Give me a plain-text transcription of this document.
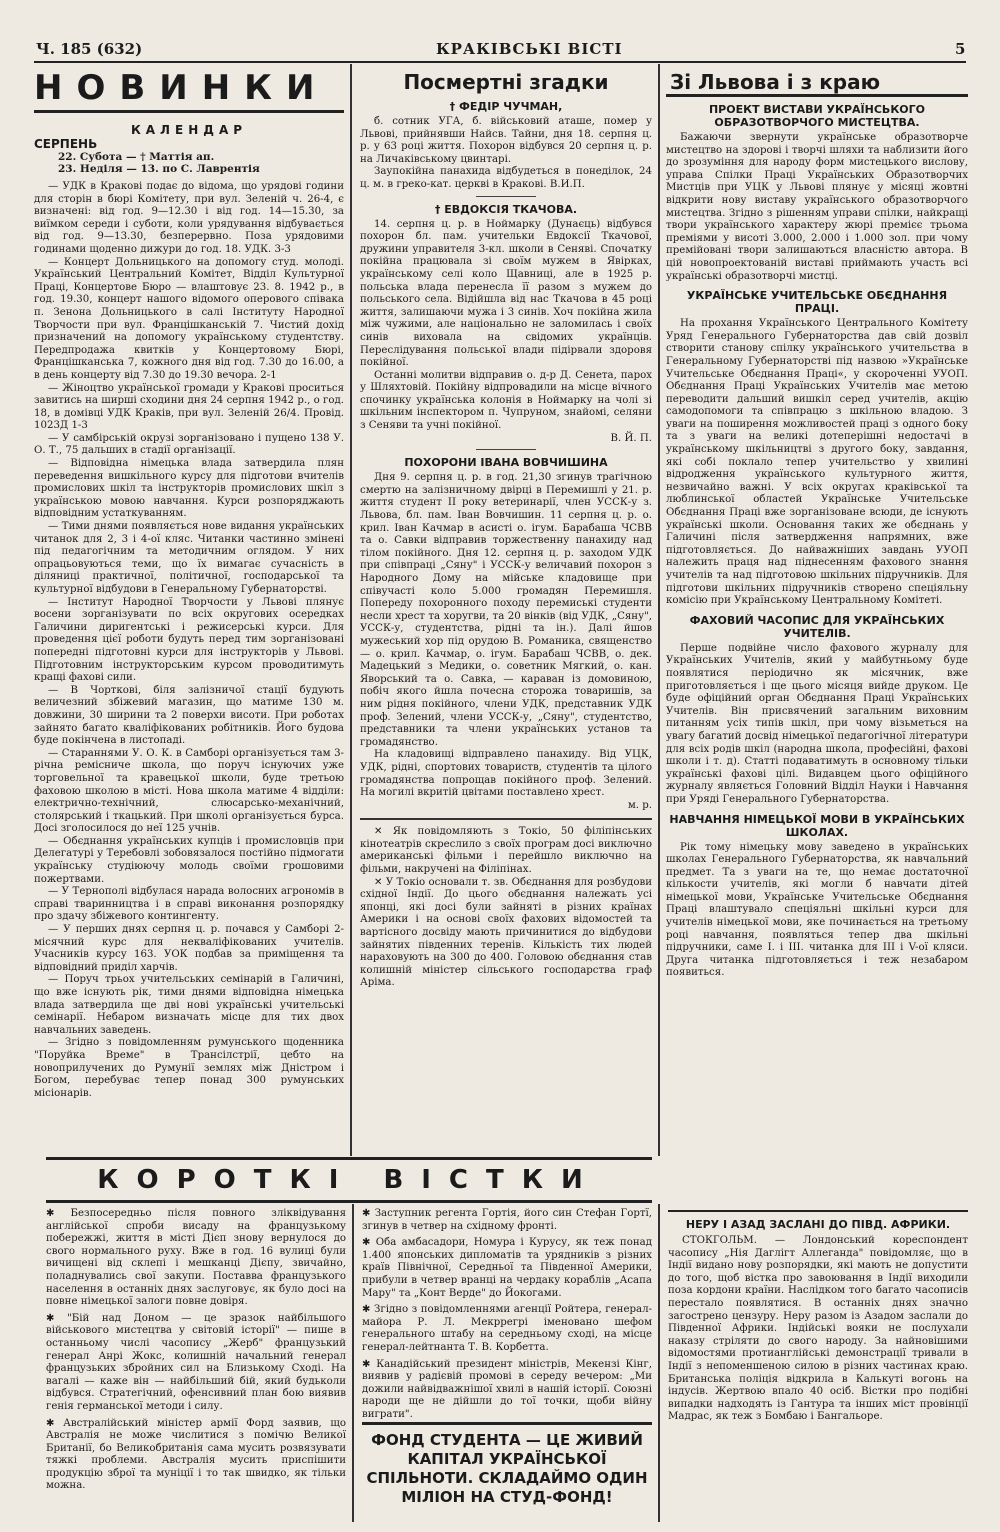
Ч. 185 (632)	КРАКІВСЬКІ ВІСТІ	5
НОВИНКИ
КАЛЕНДАР
СЕРПЕНЬ
22. Субота — † Маттія ап.
23. Неділя — 13. по С. Лаврентія

— УДК в Кракові подає до відома, що урядові години для сторін в бюрі Комітету, при вул. Зеленій ч. 26-4, є визначені: від год. 9—12.30 і від год. 14—15.30, за виїмком середи і суботи, коли урядування відбувається від год. 9—13.30, безперервно. Поза урядовими годинами щоденно дижури до год. 18. УДК. 3-3

— Концерт Дольницького на допомогу студ. молоді. Український Центральний Комітет, Відділ Культурної Праці, Концертове Бюро — влаштовує 23. 8. 1942 р., в год. 19.30, концерт нашого відомого оперового співака п. Зенона Дольницького в салі Інституту Народної Творчости при вул. Францішканській 7. Чистий дохід призначений на допомогу українському студентству. Передпродажа квитків у Концертовому Бюрі, Францішканська 7, кожного дня від год. 7.30 до 16.00, а в день концерту від 7.30 до 19.30 вечора. 2-1

— Жіноцтво української громади у Кракові проситься завитись на ширші сходини дня 24 серпня 1942 р., о год. 18, в домівці УДК Краків, при вул. Зеленій 26/4. Провід. 1023Д 1-3

— У самбірській окрузі зорганізовано і пущено 138 У. О. Т., 75 дальших в стадії організації.

— Відповідна німецька влада затвердила плян переведення вишкільного курсу для підготови вчителів промислових шкіл та інструкторів промислових шкіл з українською мовою навчання. Курси розпоряджають відповідним устаткуванням.

— Тими днями появляється нове видання українських читанок для 2, 3 і 4-ої кляс. Читанки частинно змінені під педагогічним та методичним оглядом. У них опрацьовуються теми, що їх вимагає сучасність в діляниці практичної, політичної, господарської та культурної відбудови в Генеральному Губернаторстві.

— Інститут Народної Творчости у Львові плянує восени зорганізувати по всіх округових осередках Галичини диригентські і режисерські курси. Для проведення цієї роботи будуть перед тим зорганізовані попередні підготовні курси для інструкторів у Львові. Підготовним інструкторським курсом проводитимуть кращі фахові сили.

— В Чорткові, біля залізничої стації будують величезний збіжевий магазин, що матиме 130 м. довжини, 30 ширини та 2 поверхи висоти. При роботах зайнято багато кваліфікованих робітників. Його будова буде покінчена в листопаді.

— Стараннями У. О. К. в Самборі організується там 3-річна ремісниче школа, що поруч існуючих уже торговельної та кравецької школи, буде третьою фаховою школою в місті. Нова школа матиме 4 відділи: електрично-технічний, слюсарсько-механічний, столярський і ткацький. При школі організується бурса. Досі зголосилося до неї 125 учнів.

— Обєднання українських купців і промисловців при Делегатурі у Теребовлі зобовязалося постійно підмогати українську студіюючу молодь своїми грошовими пожертвами.

— У Тернополі відбулася нарада волосних агрономів в справі тваринництва і в справі виконання розпорядку про здачу збіжевого контингенту.

— У перших днях серпня ц. р. почався у Самборі 2-місячний курс для некваліфікованих учителів. Учасників курсу 163. УОК подбав за приміщення та відповідний приділ харчів.

— Поруч трьох учительських семінарій в Галичині, що вже існують рік, тими днями відповідна німецька влада затвердила ще дві нові українські учительські семінарії. Небаром визначать місце для тих двох навчальних заведень.

— Згідно з повідомленням румунського щоденника "Поруйка Време" в Трансілстрії, цебто на новоприлучених до Румунії землях між Дністром і Богом, перебуває тепер понад 300 румунських місіонарів.

Посмертні згадки
† ФЕДІР ЧУЧМАН,

б. сотник УГА, б. військовий аташе, помер у Львові, прийнявши Найсв. Тайни, дня 18. серпня ц. р. у 63 році життя. Похорон відбувся 20 серпня ц. р. на Личаківському цвинтарі.

Заупокійна панахида відбудеться в понеділок, 24 ц. м. в греко-кат. церкві в Кракові. В.И.П.

† ЕВДОКСІЯ ТКАЧОВА.

14. серпня ц. р. в Ноймарку (Дунаєць) відбувся похорон бл. пам. учительки Евдоксії Ткачової, дружини управителя 3-кл. школи в Сеняві. Спочатку покійна працювала зі своїм мужем в Явірках, українському селі коло Щавниці, але в 1925 р. польська влада перенесла її разом з мужем до польського села. Відійшла від нас Ткачова в 45 році життя, залишаючи мужа і 3 синів. Хоч покійна жила між чужими, але національно не заломилась і своїх синів виховала на свідомих українців. Переслідування польської влади підірвали здоровя покійної.

Останні молитви відправив о. д-р Д. Сенета, парох у Шляхтовій. Покійну відпровадили на місце вічного спочинку українська колонія в Ноймарку на чолі зі шкільним інспектором п. Чупруном, знайомі, селяни з Сеняви та учні покійної.

В. Й. П.

ПОХОРОНИ ІВАНА ВОВЧИШИНА

Дня 9. серпня ц. р. в год. 21,30 згинув трагічною смертю на залізничному двірці в Перемишлі у 21. р. життя студент II року ветеринарії, член УССК-у з. Львова, бл. пам. Іван Вовчишин. 11 серпня ц. р. о. крил. Іван Качмар в асисті о. ігум. Барабаша ЧСВВ та о. Савки відправив торжественну панахиду над тілом покійного. Дня 12. серпня ц. р. заходом УДК при співпраці „Сяну" і УССК-у величавий похорон з Народного Дому на мійське кладовище при співучасті коло 5.000 громадян Перемишля. Попереду похоронного походу перемиські студенти несли хрест та хоругви, та 20 вінків (від УДК, „Сяну", УССК-у, студентства, рідні та ін.). Далі йшов мужеський хор під орудою В. Романика, священство — о. крил. Качмар, о. ігум. Барабаш ЧСВВ, о. дек. Мадецький з Медики, о. советник Мягкий, о. кан. Яворський та о. Савка, — караван із домовиною, побіч якого йшла почесна сторожа товаришів, за ним рідня покійного, члени УДК, представник УДК проф. Зелений, члени УССК-у, „Сяну", студентство, представники та члени українських установ та громадянство.

На кладовищі відправлено панахиду. Від УЦК, УДК, рідні, спортових товариств, студентів та цілого громадянства попрощав покійного проф. Зелений. На могилі вкритій цвітами поставлено хрест.

м. р.

✕ Як повідомляють з Токіо, 50 філіпінських кінотеатрів скреслило з своїх програм досі виключно американські фільми і перейшло виключно на фільми, накручені на Філіпінах.

✕ У Токіо основали т. зв. Обєднання для розбудови східної Індії. До цього обєднання належать усі японці, які досі були зайняті в різних країнах Америки і на основі своїх фахових відомостей та вартісного досвіду мають причинитися до відбудови зайнятих південних терeнів. Кількість тих людей нараховують на 300 до 400. Головою обєднання став колишній міністер сільського господарства граф Аріма.

Зі Львова і з краю
ПРОЕКТ ВИСТАВИ УКРАЇНСЬКОГО ОБРАЗОТВОРЧОГО МИСТЕЦТВА.

Бажаючи звернути українське образотворче мистецтво на здорові і творчі шляхи та наблизити його до зрозуміння для народу форм мистецького вислову, управа Спілки Праці Українських Образотворчих Мистців при УЦК у Львові плянує у місяці жовтні відкрити нову виставу українського образотворчого мистецтва. Згідно з рішенням управи спілки, найкращі твори українського характеру жюрі премієє трьома преміями у висоті 3.000, 2.000 і 1.000 зол. при чому премійовані твори залишаються власністю автора. В цій новопроектованій виставі приймають участь всі українські образотворчі мистці.

УКРАЇНСЬКЕ УЧИТЕЛЬСЬКЕ ОБЄДНАННЯ ПРАЦІ.

На прохання Українського Центрального Комітету Уряд Генерального Губернаторства дав свій дозвіл створити становy спілку українського учительства в Генеральному Губернаторстві під назвою »Українське Учительське Обєднання Праці«, у скороченні УУОП. Обєднання Праці Українських Учителів має метою переводити дальший вишкіл серед учителів, акцію самодопомоги та співпрацю з шкільною владою. З уваги на поширення можливостей праці з одного боку та з уваги на великі дотеперішні недостачі в українському шкільництві з другого боку, завдання, які собі поклало тепер учительство у хвилині відродження українського культурного життя, незвичайно важні. У всіх округах краківської та люблинської областей Українське Учительське Обєднання Праці вже зорганізоване всюди, де існують українські школи. Основання таких же обєднань у Галичині після затвердження нaпрямних, вже підготовляється. До найважніших завдань УУОП належить праця над піднесенням фахового знання учителів та над підготовою шкільних підручників. Для підготови шкільних підручників створено спеціяльну комісію при Українському Центральному Комітеті.

ФАХОВИЙ ЧАСОПИС ДЛЯ УКРАЇНСЬКИХ УЧИТЕЛІВ.

Перше подвійне число фахового журналу для Українських Учителів, який у майбутньому буде появлятися періодично як місячник, вже приготовляється і ще цього місяця вийде друком. Це буде офіційний орган Обєднання Праці Українських Учителів. Він присвячений загальним виховним питанням усіх типів шкіл, при чому візьметься на увагу багатий досвід німецької педагогічної літератури для всіх родів шкіл (народна школа, професійні, фахові школи і т. д). Статті подаватимуть в основному тільки українські фахові цілі. Видавцем цього офіційного журналу являється Головний Відділ Науки і Навчання при Уряді Генерального Губернаторства.

НАВЧАННЯ НІМЕЦЬКОЇ МОВИ В УКРАЇНСЬКИХ ШКОЛАХ.

Рік тому німецьку мову заведено в українських школах Генерального Губернаторства, як навчальний предмет. Та з уваги на те, що немає достаточної кількости учителів, які могли б навчати дітей німецької мови, Українське Учительське Обєднання Праці влаштувало спеціяльні шкільні курси для учителів німецької мови, яке починається на третьому році навчання, появляться тепер два шкільні підручники, саме I. і III. читанка для III і V-ої кляси. Друга читанка підготовляється і теж незабаром появиться.

КОРОТКІ ВІСТКИ
✱ Безпосередньо після повного зліквідування англійської спроби висаду на французькому побережжі, життя в місті Дієп знову вернулося до свого нормального руху. Вже в год. 16 вулиці були вичищені від склепі і мешканці Дієпу, звичайно, поладнувались свої закупи. Поставва французького населення в останніх днях заслуговує, як було досі на повне німецької залоги повне довіря.
✱ "Бій над Доном — це зразок найбільшого військового мистецтва у світовій історії" — пише в останньому числі часопису „Жерб" французький генерал Анрі Жокс, колишній начальний генерал французьких збройних сил на Близькому Сході. На вагалі — каже він — найбільший бій, який будьколи відбувся. Стратегічний, офенсивний план бою виявив генія германської методи і силу.
✱ Австралійський міністер армії Форд заявив, що Австралія не може числитися з помічю Великої Британії, бо Великобританія сама мусить розвязувати тяжкі проблеми. Австралія мусить приспішити продукцію зброї та муніції і то так швидко, як тільки можна.
✱ Заступник регента Гортія, його син Стефан Гортї, згинув в четвер на східному фронті.
✱ Оба амбасадори, Номура і Курусу, як теж понад 1.400 японських дипломатів та урядників з різних країв Північної, Середньої та Південної Америки, прибули в четвер вранці на чердаку кораблів „Асапа Мару" та „Конт Верде" до Йокогами.
✱ Згідно з повідомленнями агенції Ройтера, генерал-майора Р. Л. Мекррегрі іменовано шефом генерального штабу на середньому сході, на місце генерал-лейтнанта Т. В. Корбетта.
✱ Канадійський президент міністрів, Мекензі Кінг, виявив у радієвій промові в середу вечером: „Ми дожили найвідважнішої хвилі в нашій історії. Союзні народи ще не дійшли до тої точки, щоби війну виграти".
ФОНД СТУДЕНТА — ЦЕ ЖИВИЙ КАПІТАЛ УКРАЇНСЬКОЇ СПІЛЬНОТИ. СКЛАДАЙМО ОДИН МІЛІОН НА СТУД-ФОНД!
НЕРУ І АЗАД ЗАСЛАНІ ДО ПІВД. АФРИКИ.

СТОКГОЛЬМ. — Лондонський кореспондент часопису „Нія Даглігт Аллеганда" повідомляє, що в Індії видано нову розпорядки, які мають не допустити до того, щоб вістка про завоювання в Індії виходили поза кордони країни. Наслідком того багато часописів перестало появлятися. В останніх днях значно загострено цензуру. Неру разом із Азадом заслали до Південної Африки. Індійські вояки не послухали наказу стріляти до свого народу. За найновішими відомостями протианглійські демонстрації тривали в Індії з непоменшеною силою в різних частинах краю. Британська поліція відкрила в Калькуті вогонь на індусів. Жертвою впало 40 осіб. Вістки про подібні випадки надходять із Гантура та інших міст провінції Мадрас, як теж з Бомбаю і Бангальоре.
